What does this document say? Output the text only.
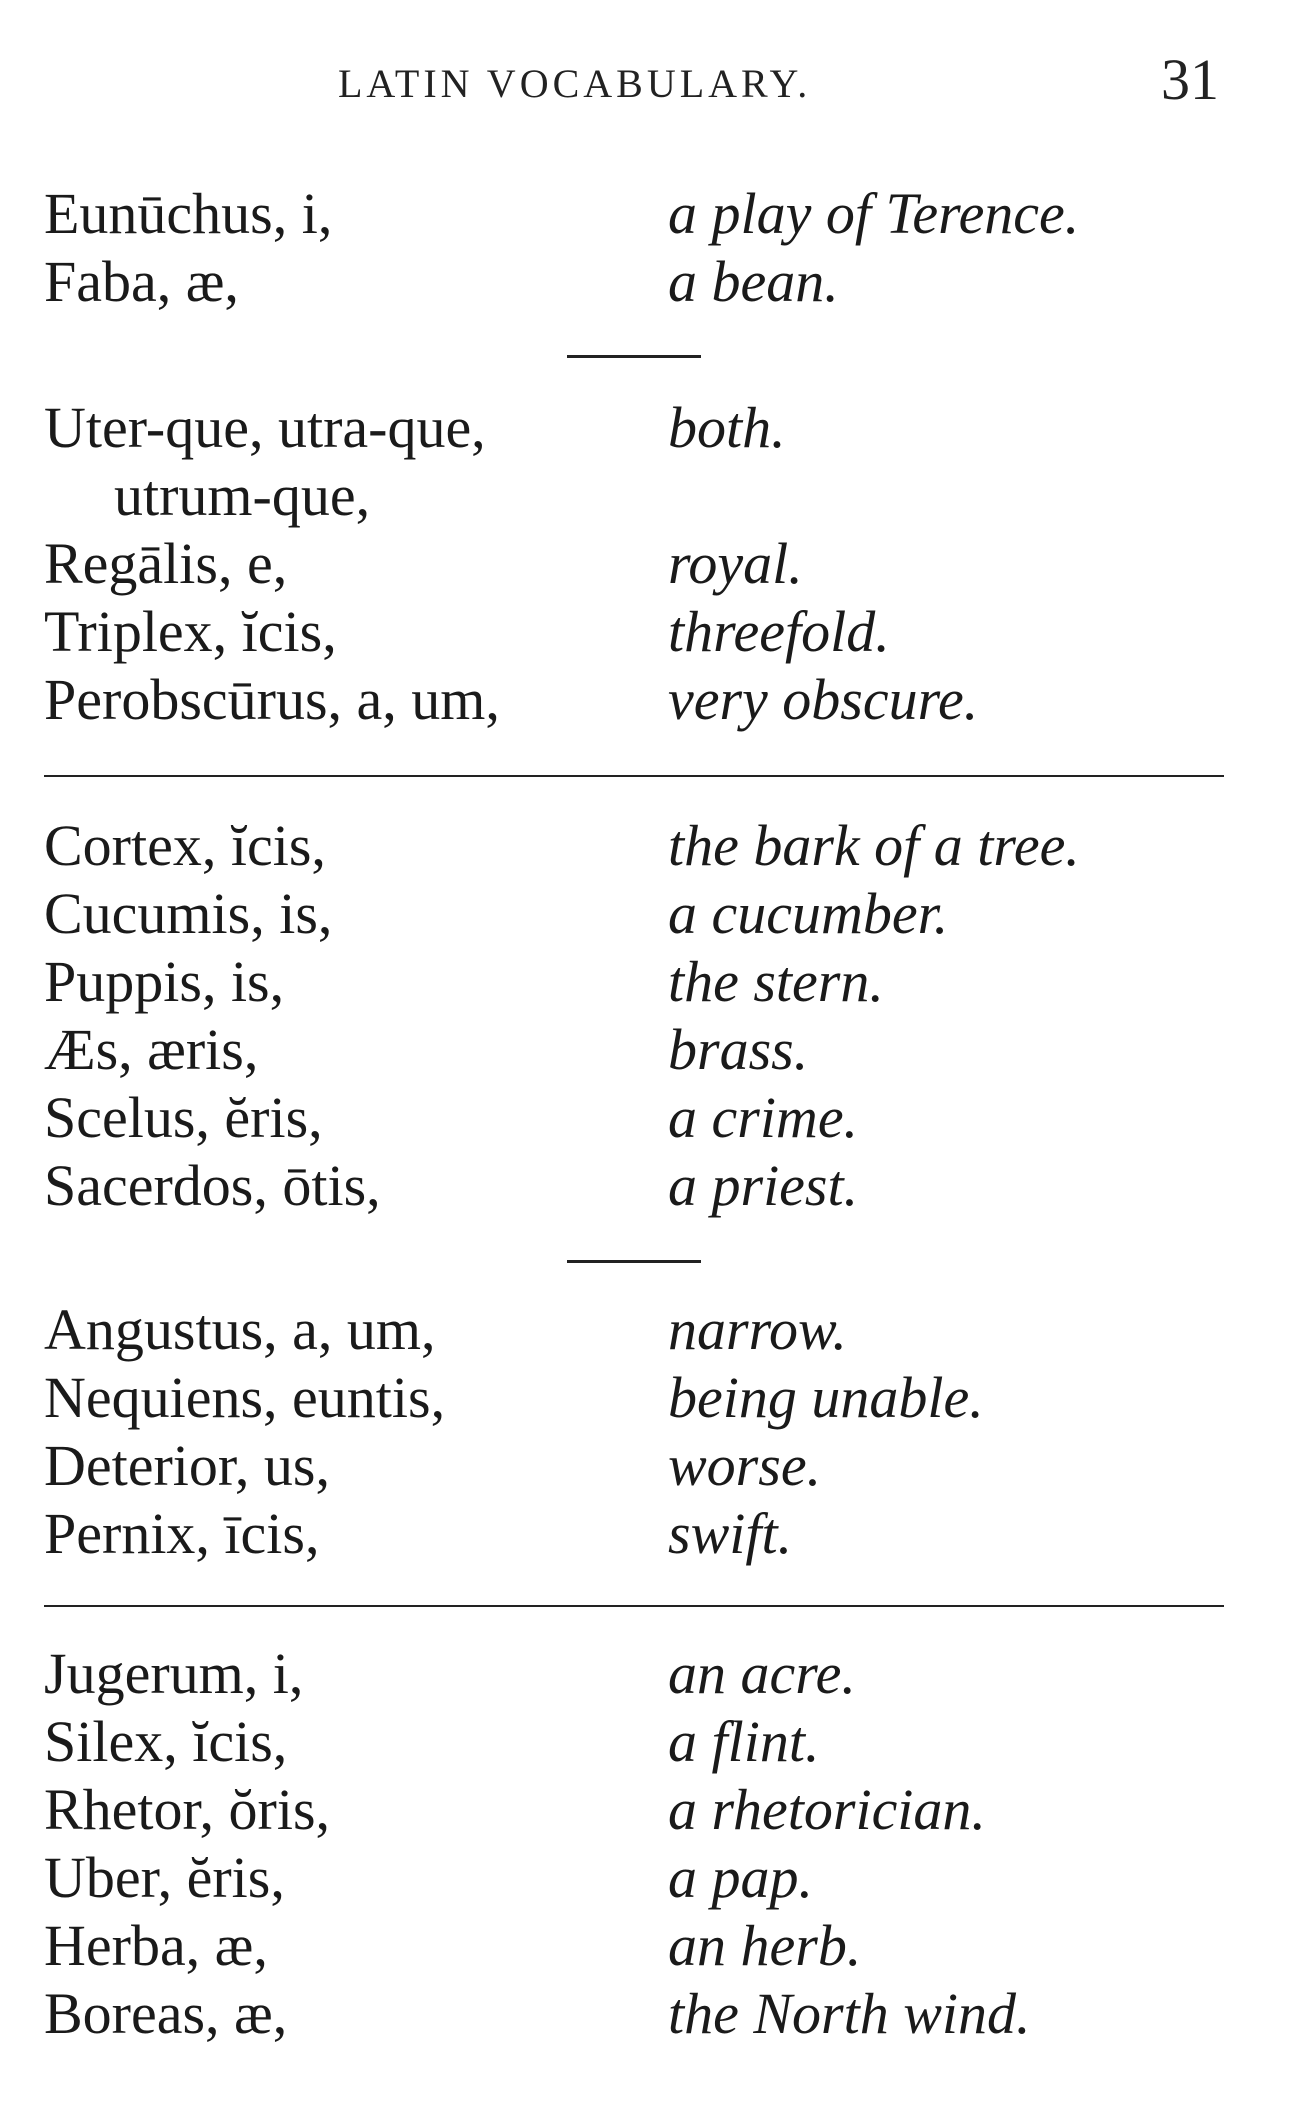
LATIN VOCABULARY.	31
Eunūchus, i,	a play of Terence.
Faba, æ,	a bean.
Uter-que, utra-que,	both.
utrum-que,
Regālis, e,	royal.
Triplex, ĭcis,	threefold.
Perobscūrus, a, um,	very obscure.
Cortex, ĭcis,	the bark of a tree.
Cucumis, is,	a cucumber.
Puppis, is,	the stern.
Æs, æris,	brass.
Scelus, ĕris,	a crime.
Sacerdos, ōtis,	a priest.
Angustus, a, um,	narrow.
Nequiens, euntis,	being unable.
Deterior, us,	worse.
Pernix, īcis,	swift.
Jugerum, i,	an acre.
Silex, ĭcis,	a flint.
Rhetor, ŏris,	a rhetorician.
Uber, ĕris,	a pap.
Herba, æ,	an herb.
Boreas, æ,	the North wind.
